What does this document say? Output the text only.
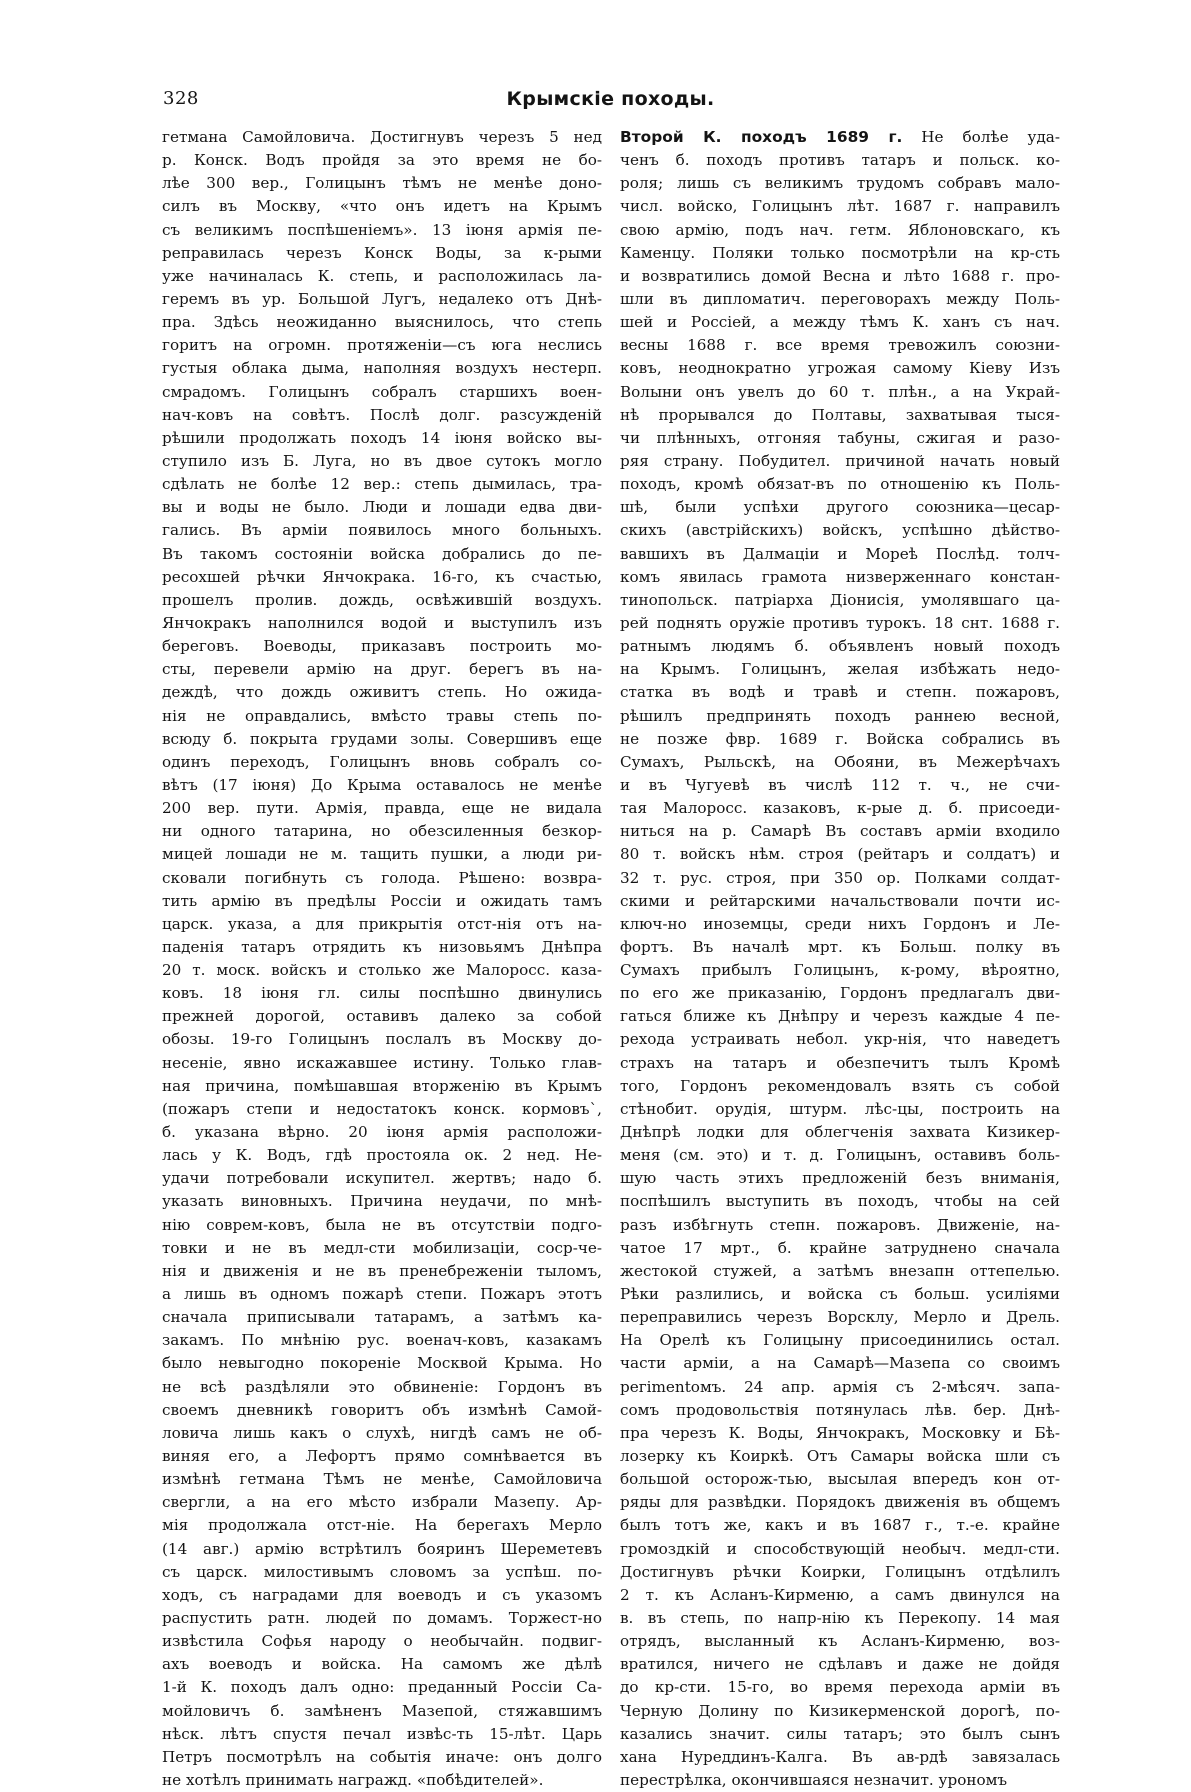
328	Крымскіе походы.
гетмана Самойловича. Достигнувъ черезъ 5 нед
р. Конск. Водъ пройдя за это время не бо-
лѣе 300 вер., Голицынъ тѣмъ не менѣе доно-
силъ въ Москву, «что онъ идетъ на Крымъ
съ великимъ поспѣшеніемъ». 13 іюня армія пе-
реправилась черезъ Конск Воды, за к-рыми
уже начиналась К. степь, и расположилась ла-
геремъ въ ур. Большой Лугъ, недалеко отъ Днѣ-
пра. Здѣсь неожиданно выяснилось, что степь
горитъ на огромн. протяженіи—съ юга неслись
густыя облака дыма, наполняя воздухъ нестерп.
смрадомъ. Голицынъ собралъ старшихъ воен-
нач-ковъ на совѣтъ. Послѣ долг. разсужденій
рѣшили продолжать походъ 14 іюня войско вы-
ступило изъ Б. Луга, но въ двое сутокъ могло
сдѣлать не болѣе 12 вер.: степь дымилась, тра-
вы и воды не было. Люди и лошади едва дви-
гались. Въ арміи появилось много больныхъ.
Въ такомъ состояніи войска добрались до пе-
ресохшей рѣчки Янчокрака. 16-го, къ счастью,
прошелъ пролив. дождь, освѣжившій воздухъ.
Янчокракъ наполнился водой и выступилъ изъ
береговъ. Воеводы, приказавъ построить мо-
сты, перевели армію на друг. берегъ въ на-
деждѣ, что дождь оживитъ степь. Но ожида-
нія не оправдались, вмѣсто травы степь по-
всюду б. покрыта грудами золы. Совершивъ еще
одинъ переходъ, Голицынъ вновь собралъ со-
вѣтъ (17 іюня) До Крыма оставалось не менѣе
200 вер. пути. Армія, правда, еще не видала
ни одного татарина, но обезсиленныя безкор-
мицей лошади не м. тащить пушки, а люди ри-
сковали погибнуть съ голода. Рѣшено: возвра-
тить армію въ предѣлы Россіи и ожидать тамъ
царск. указа, а для прикрытія отст-нія отъ на-
паденія татаръ отрядить къ низовьямъ Днѣпра
20 т. моск. войскъ и столько же Малоросс. каза-
ковъ. 18 іюня гл. силы поспѣшно двинулись
прежней дорогой, оставивъ далеко за собой
обозы. 19-го Голицынъ послалъ въ Москву до-
несеніе, явно искажавшее истину. Только глав-
ная причина, помѣшавшая вторженію въ Крымъ
(пожаръ степи и недостатокъ конск. кормовъ`,
б. указана вѣрно. 20 іюня армія расположи-
лась у К. Водъ, гдѣ простояла ок. 2 нед. Не-
удачи потребовали искупител. жертвъ; надо б.
указать виновныхъ. Причина неудачи, по мнѣ-
нію соврем-ковъ, была не въ отсутствіи подго-
товки и не въ медл-сти мобилизаціи, соср-че-
нія и движенія и не въ пренебреженіи тыломъ,
а лишь въ одномъ пожарѣ степи. Пожаръ этотъ
сначала приписывали татарамъ, а затѣмъ ка-
закамъ. По мнѣнію рус. военач-ковъ, казакамъ
было невыгодно покореніе Москвой Крыма. Но
не всѣ раздѣляли это обвиненіе: Гордонъ въ
своемъ дневникѣ говоритъ объ измѣнѣ Самой-
ловича лишь какъ о слухѣ, нигдѣ самъ не об-
виняя его, а Лефортъ прямо сомнѣвается въ
измѣнѣ гетмана Тѣмъ не менѣе, Самойловича
свергли, а на его мѣсто избрали Мазепу. Ар-
мія продолжала отст-ніе. На берегахъ Мерло
(14 авг.) армію встрѣтилъ бояринъ Шереметевъ
съ царск. милостивымъ словомъ за успѣш. по-
ходъ, съ наградами для воеводъ и съ указомъ
распустить ратн. людей по домамъ. Торжест-но
извѣстила Софья народу о необычайн. подвиг-
ахъ воеводъ и войска. На самомъ же дѣлѣ
1-й К. походъ далъ одно: преданный Россіи Са-
мойловичъ б. замѣненъ Мазепой, стяжавшимъ
нѣск. лѣтъ спустя печал извѣс-ть 15-лѣт. Царь
Петръ посмотрѣлъ на событія иначе: онъ долго
не хотѣлъ принимать награжд. «побѣдителей».
Второй К. походъ 1689 г. Не болѣе уда-
ченъ б. походъ противъ татаръ и польск. ко-
роля; лишь съ великимъ трудомъ собравъ мало-
числ. войско, Голицынъ лѣт. 1687 г. направилъ
свою армію, подъ нач. гетм. Яблоновскаго, къ
Каменцу. Поляки только посмотрѣли на кр-сть
и возвратились домой Весна и лѣто 1688 г. про-
шли въ дипломатич. переговорахъ между Поль-
шей и Россіей, а между тѣмъ К. ханъ съ нач.
весны 1688 г. все время тревожилъ союзни-
ковъ, неоднократно угрожая самому Кіеву Изъ
Волыни онъ увелъ до 60 т. плѣн., а на Украй-
нѣ прорывался до Полтавы, захватывая тыся-
чи плѣнныхъ, отгоняя табуны, сжигая и разо-
ряя страну. Побудител. причиной начать новый
походъ, кромѣ обязат-въ по отношенію къ Поль-
шѣ, были успѣхи другого союзника—цесар-
скихъ (австрійскихъ) войскъ, успѣшно дѣйство-
вавшихъ въ Далмаціи и Мореѣ Послѣд. толч-
комъ явилась грамота низверженнаго констан-
тинопольск. патріарха Діонисія, умолявшаго ца-
рей поднять оружіе противъ турокъ. 18 снт. 1688 г.
ратнымъ людямъ б. объявленъ новый походъ
на Крымъ. Голицынъ, желая избѣжать недо-
статка въ водѣ и травѣ и степн. пожаровъ,
рѣшилъ предпринять походъ раннею весной,
не позже фвр. 1689 г. Войска собрались въ
Сумахъ, Рыльскѣ, на Обояни, въ Межерѣчахъ
и въ Чугуевѣ въ числѣ 112 т. ч., не счи-
тая Малоросс. казаковъ, к-рые д. б. присоеди-
ниться на р. Самарѣ Въ составъ арміи входило
80 т. войскъ нѣм. строя (рейтаръ и солдатъ) и
32 т. рус. строя, при 350 ор. Полками солдат-
скими и рейтарскими начальствовали почти ис-
ключ-но иноземцы, среди нихъ Гордонъ и Ле-
фортъ. Въ началѣ мрт. къ Больш. полку въ
Сумахъ прибылъ Голицынъ, к-рому, вѣроятно,
по его же приказанію, Гордонъ предлагалъ дви-
гаться ближе къ Днѣпру и черезъ каждые 4 пе-
рехода устраивать небол. укр-нія, что наведетъ
страхъ на татаръ и обезпечитъ тылъ Кромѣ
того, Гордонъ рекомендовалъ взять съ собой
стѣнобит. орудія, штурм. лѣс-цы, построить на
Днѣпрѣ лодки для облегченія захвата Кизикер-
меня (см. это) и т. д. Голицынъ, оставивъ боль-
шую часть этихъ предложеній безъ вниманія,
поспѣшилъ выступить въ походъ, чтобы на сей
разъ избѣгнуть степн. пожаровъ. Движеніе, на-
чатое 17 мрт., б. крайне затруднено сначала
жестокой стужей, а затѣмъ внезапн оттепелью.
Рѣки разлились, и войска съ больш. усиліями
переправились черезъ Ворсклу, Мерло и Дрель.
На Орелѣ къ Голицыну присоединились остал.
части арміи, а на Самарѣ—Мазепа со своимъ
регimentомъ. 24 апр. армія съ 2-мѣсяч. запа-
сомъ продовольствія потянулась лѣв. бер. Днѣ-
пра черезъ К. Воды, Янчокракъ, Московку и Бѣ-
лозерку къ Коиркѣ. Отъ Самары войска шли съ
большой осторож-тью, высылая впередъ кон от-
ряды для развѣдки. Порядокъ движенія въ общемъ
былъ тотъ же, какъ и въ 1687 г., т.-е. крайне
громоздкій и способствующій необыч. медл-сти.
Достигнувъ рѣчки Коирки, Голицынъ отдѣлилъ
2 т. къ Асланъ-Кирменю, а самъ двинулся на
в. въ степь, по напр-нію къ Перекопу. 14 мая
отрядъ, высланный къ Асланъ-Кирменю, воз-
вратился, ничего не сдѣлавъ и даже не дойдя
до кр-сти. 15-го, во время перехода арміи въ
Черную Долину по Кизикерменской дорогѣ, по-
казались значит. силы татаръ; это былъ сынъ
хана Нуреддинъ-Калга. Въ ав-рдѣ завязалась
перестрѣлка, окончившаяся незначит. урономъ
